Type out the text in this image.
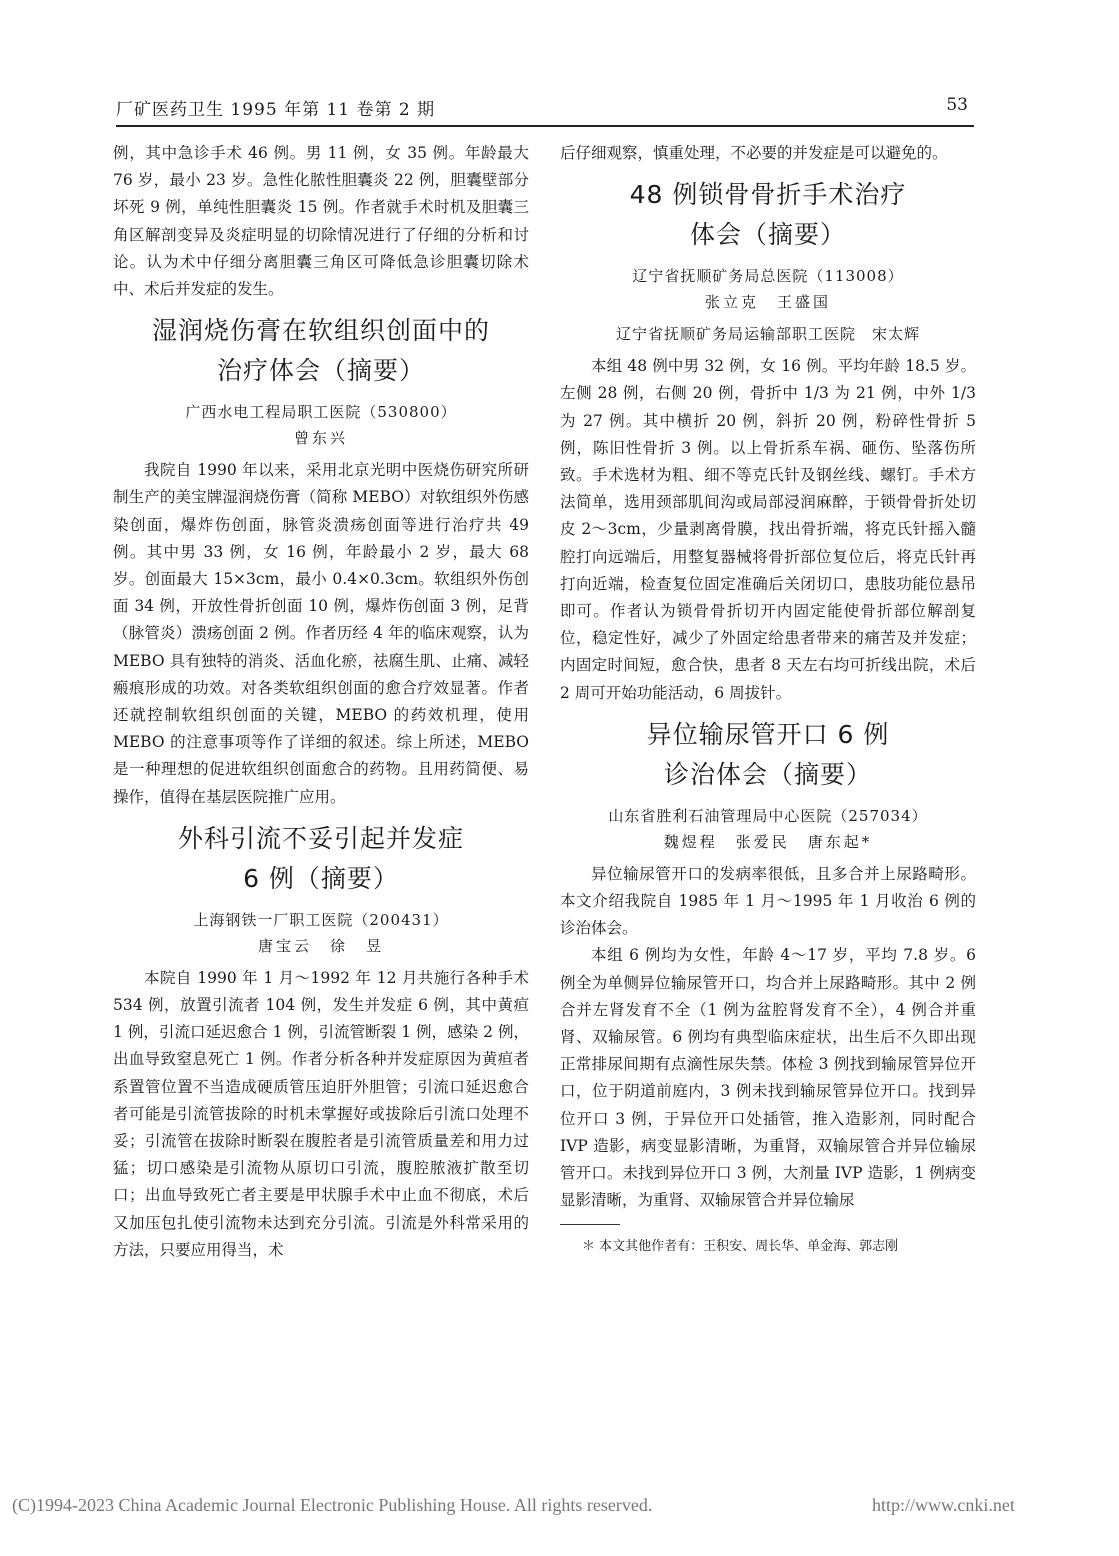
厂矿医药卫生 1995 年第 11 卷第 2 期	53

例，其中急诊手术 46 例。男 11 例，女 35 例。年龄最大 76 岁，最小 23 岁。急性化脓性胆囊炎 22 例，胆囊壁部分坏死 9 例，单纯性胆囊炎 15 例。作者就手术时机及胆囊三角区解剖变异及炎症明显的切除情况进行了仔细的分析和讨论。认为术中仔细分离胆囊三角区可降低急诊胆囊切除术中、术后并发症的发生。

湿润烧伤膏在软组织创面中的
治疗体会（摘要）
广西水电工程局职工医院（530800）
曾东兴

我院自 1990 年以来，采用北京光明中医烧伤研究所研制生产的美宝牌湿润烧伤膏（简称 MEBO）对软组织外伤感染创面，爆炸伤创面，脉管炎溃疡创面等进行治疗共 49 例。其中男 33 例，女 16 例，年龄最小 2 岁，最大 68 岁。创面最大 15×3cm，最小 0.4×0.3cm。软组织外伤创面 34 例，开放性骨折创面 10 例，爆炸伤创面 3 例，足背（脉管炎）溃疡创面 2 例。作者历经 4 年的临床观察，认为 MEBO 具有独特的消炎、活血化瘀，祛腐生肌、止痛、减轻瘢痕形成的功效。对各类软组织创面的愈合疗效显著。作者还就控制软组织创面的关键，MEBO 的药效机理，使用 MEBO 的注意事项等作了详细的叙述。综上所述，MEBO 是一种理想的促进软组织创面愈合的药物。且用药简便、易操作，值得在基层医院推广应用。

外科引流不妥引起并发症
6 例（摘要）
上海钢铁一厂职工医院（200431）
唐宝云　徐　昱

本院自 1990 年 1 月～1992 年 12 月共施行各种手术 534 例，放置引流者 104 例，发生并发症 6 例，其中黄疸 1 例，引流口延迟愈合 1 例，引流管断裂 1 例，感染 2 例，出血导致窒息死亡 1 例。作者分析各种并发症原因为黄疸者系置管位置不当造成硬质管压迫肝外胆管；引流口延迟愈合者可能是引流管拔除的时机未掌握好或拔除后引流口处理不妥；引流管在拔除时断裂在腹腔者是引流管质量差和用力过猛；切口感染是引流物从原切口引流，腹腔脓液扩散至切口；出血导致死亡者主要是甲状腺手术中止血不彻底，术后又加压包扎使引流物未达到充分引流。引流是外科常采用的方法，只要应用得当，术

后仔细观察，慎重处理，不必要的并发症是可以避免的。

48 例锁骨骨折手术治疗
体会（摘要）
辽宁省抚顺矿务局总医院（113008）
张立克　王盛国
辽宁省抚顺矿务局运输部职工医院　宋太辉

本组 48 例中男 32 例，女 16 例。平均年龄 18.5 岁。左侧 28 例，右侧 20 例，骨折中 1/3 为 21 例，中外 1/3 为 27 例。其中横折 20 例，斜折 20 例，粉碎性骨折 5 例，陈旧性骨折 3 例。以上骨折系车祸、砸伤、坠落伤所致。手术选材为粗、细不等克氏针及钢丝线、螺钉。手术方法简单，选用颈部肌间沟或局部浸润麻醉，于锁骨骨折处切皮 2～3cm，少量剥离骨膜，找出骨折端，将克氏针摇入髓腔打向远端后，用整复器械将骨折部位复位后，将克氏针再打向近端，检查复位固定准确后关闭切口，患肢功能位悬吊即可。作者认为锁骨骨折切开内固定能使骨折部位解剖复位，稳定性好，减少了外固定给患者带来的痛苦及并发症；内固定时间短，愈合快，患者 8 天左右均可折线出院，术后 2 周可开始功能活动，6 周拔针。

异位输尿管开口 6 例
诊治体会（摘要）
山东省胜利石油管理局中心医院（257034）
魏煜程　张爱民　唐东起*

异位输尿管开口的发病率很低，且多合并上尿路畸形。本文介绍我院自 1985 年 1 月～1995 年 1 月收治 6 例的诊治体会。

本组 6 例均为女性，年龄 4～17 岁，平均 7.8 岁。6 例全为单侧异位输尿管开口，均合并上尿路畸形。其中 2 例合并左肾发育不全（1 例为盆腔肾发育不全），4 例合并重肾、双输尿管。6 例均有典型临床症状，出生后不久即出现正常排尿间期有点滴性尿失禁。体检 3 例找到输尿管异位开口，位于阴道前庭内，3 例未找到输尿管异位开口。找到异位开口 3 例，于异位开口处插管，推入造影剂，同时配合 IVP 造影，病变显影清晰，为重肾，双输尿管合并异位输尿管开口。未找到异位开口 3 例，大剂量 IVP 造影，1 例病变显影清晰，为重肾、双输尿管合并异位输尿

＊ 本文其他作者有：王积安、周长华、单金海、郭志刚
(C)1994-2023 China Academic Journal Electronic Publishing House. All rights reserved.	http://www.cnki.net
